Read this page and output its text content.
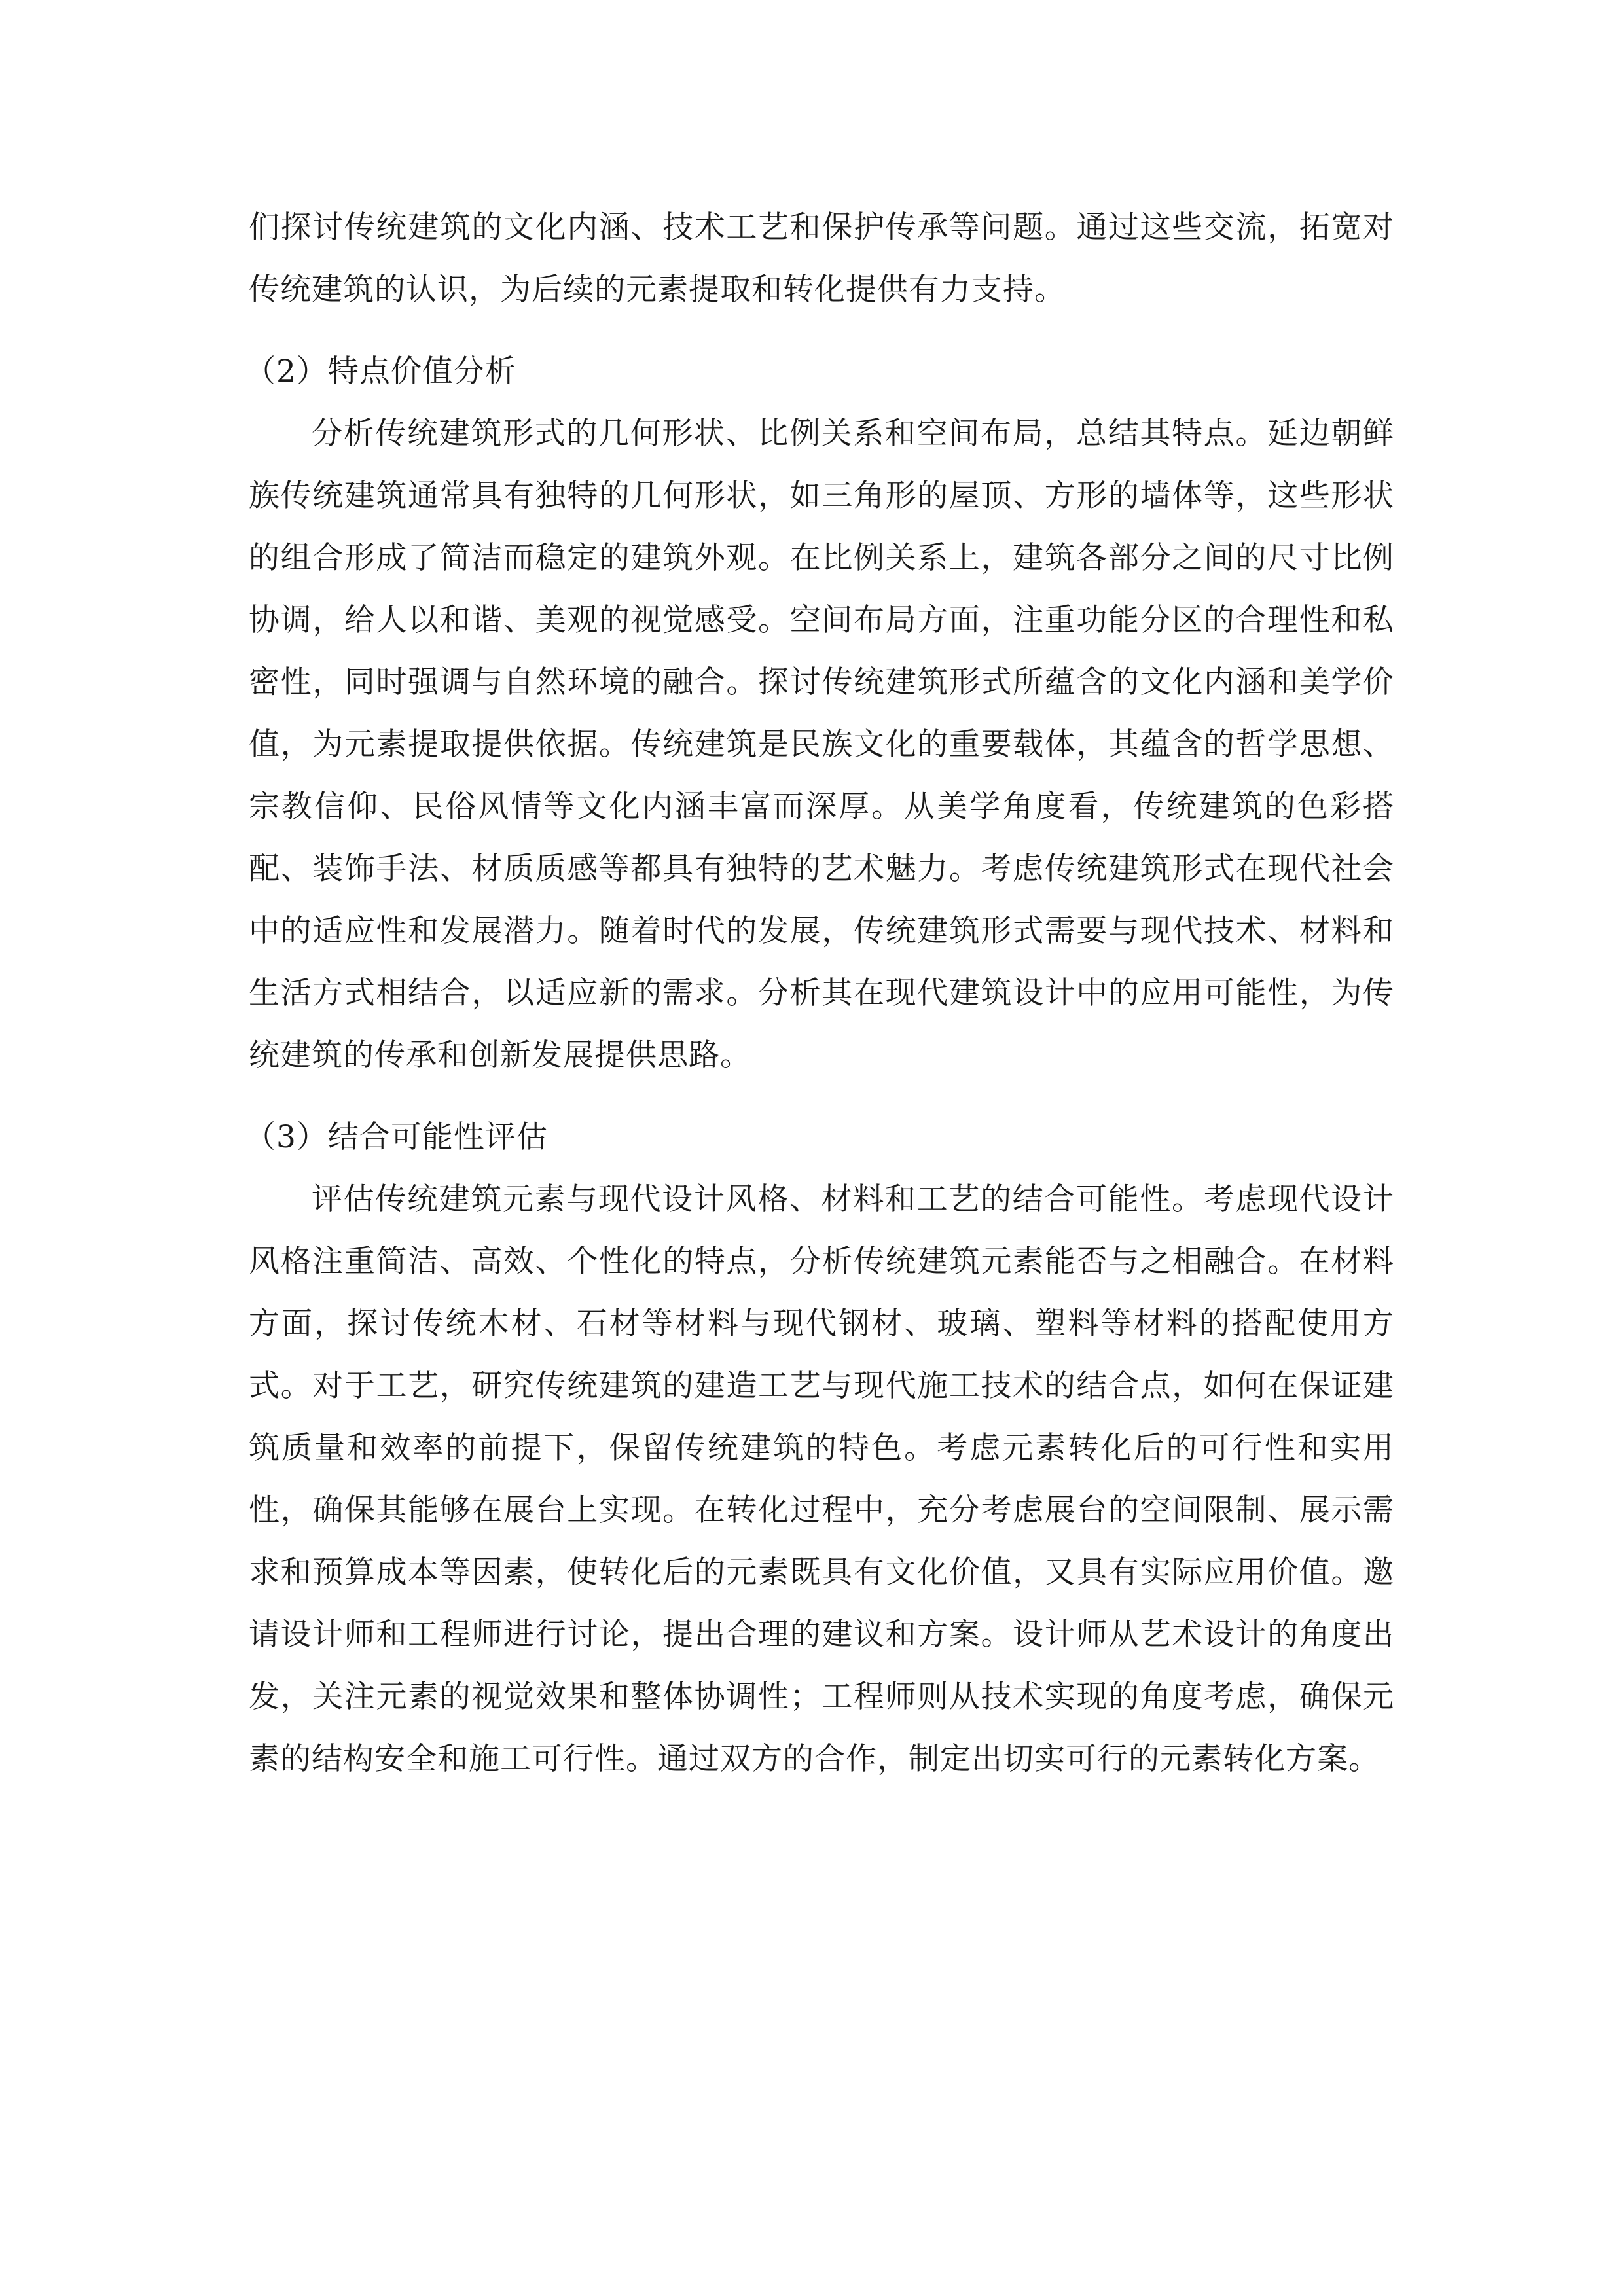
们探讨传统建筑的文化内涵、技术工艺和保护传承等问题。通过这些交流，拓宽对传统建筑的认识，为后续的元素提取和转化提供有力支持。

（2）特点价值分析

分析传统建筑形式的几何形状、比例关系和空间布局，总结其特点。延边朝鲜族传统建筑通常具有独特的几何形状，如三角形的屋顶、方形的墙体等，这些形状的组合形成了简洁而稳定的建筑外观。在比例关系上，建筑各部分之间的尺寸比例协调，给人以和谐、美观的视觉感受。空间布局方面，注重功能分区的合理性和私密性，同时强调与自然环境的融合。探讨传统建筑形式所蕴含的文化内涵和美学价值，为元素提取提供依据。传统建筑是民族文化的重要载体，其蕴含的哲学思想、宗教信仰、民俗风情等文化内涵丰富而深厚。从美学角度看，传统建筑的色彩搭配、装饰手法、材质质感等都具有独特的艺术魅力。考虑传统建筑形式在现代社会中的适应性和发展潜力。随着时代的发展，传统建筑形式需要与现代技术、材料和生活方式相结合，以适应新的需求。分析其在现代建筑设计中的应用可能性，为传统建筑的传承和创新发展提供思路。

（3）结合可能性评估

评估传统建筑元素与现代设计风格、材料和工艺的结合可能性。考虑现代设计风格注重简洁、高效、个性化的特点，分析传统建筑元素能否与之相融合。在材料方面，探讨传统木材、石材等材料与现代钢材、玻璃、塑料等材料的搭配使用方式。对于工艺，研究传统建筑的建造工艺与现代施工技术的结合点，如何在保证建筑质量和效率的前提下，保留传统建筑的特色。考虑元素转化后的可行性和实用性，确保其能够在展台上实现。在转化过程中，充分考虑展台的空间限制、展示需求和预算成本等因素，使转化后的元素既具有文化价值，又具有实际应用价值。邀请设计师和工程师进行讨论，提出合理的建议和方案。设计师从艺术设计的角度出发，关注元素的视觉效果和整体协调性；工程师则从技术实现的角度考虑，确保元素的结构安全和施工可行性。通过双方的合作，制定出切实可行的元素转化方案。
